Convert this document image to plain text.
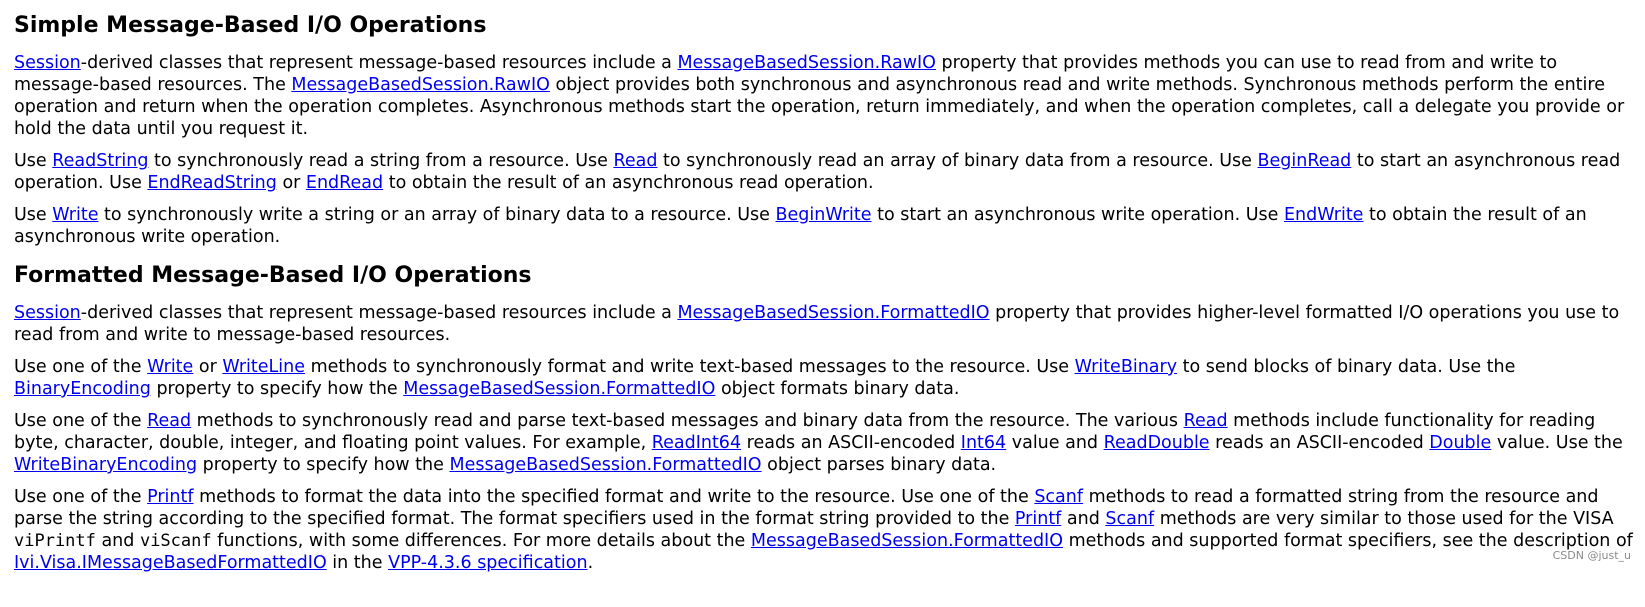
Simple Message-Based I/O Operations

Session-derived classes that represent message-based resources include a MessageBasedSession.RawIO property that provides methods you can use to read from and write to message-based resources. The MessageBasedSession.RawIO object provides both synchronous and asynchronous read and write methods. Synchronous methods perform the entire operation and return when the operation completes. Asynchronous methods start the operation, return immediately, and when the operation completes, call a delegate you provide or hold the data until you request it.

Use ReadString to synchronously read a string from a resource. Use Read to synchronously read an array of binary data from a resource. Use BeginRead to start an asynchronous read operation. Use EndReadString or EndRead to obtain the result of an asynchronous read operation.

Use Write to synchronously write a string or an array of binary data to a resource. Use BeginWrite to start an asynchronous write operation. Use EndWrite to obtain the result of an asynchronous write operation.

Formatted Message-Based I/O Operations

Session-derived classes that represent message-based resources include a MessageBasedSession.FormattedIO property that provides higher-level formatted I/O operations you use to read from and write to message-based resources.

Use one of the Write or WriteLine methods to synchronously format and write text-based messages to the resource. Use WriteBinary to send blocks of binary data. Use the BinaryEncoding property to specify how the MessageBasedSession.FormattedIO object formats binary data.

Use one of the Read methods to synchronously read and parse text-based messages and binary data from the resource. The various Read methods include functionality for reading byte, character, double, integer, and floating point values. For example, ReadInt64 reads an ASCII-encoded Int64 value and ReadDouble reads an ASCII-encoded Double value. Use the WriteBinaryEncoding property to specify how the MessageBasedSession.FormattedIO object parses binary data.

Use one of the Printf methods to format the data into the specified format and write to the resource. Use one of the Scanf methods to read a formatted string from the resource and parse the string according to the specified format. The format specifiers used in the format string provided to the Printf and Scanf methods are very similar to those used for the VISA viPrintf and viScanf functions, with some differences. For more details about the MessageBasedSession.FormattedIO methods and supported format specifiers, see the description of Ivi.Visa.IMessageBasedFormattedIO in the VPP-4.3.6 specification.	CSDN @just_u
